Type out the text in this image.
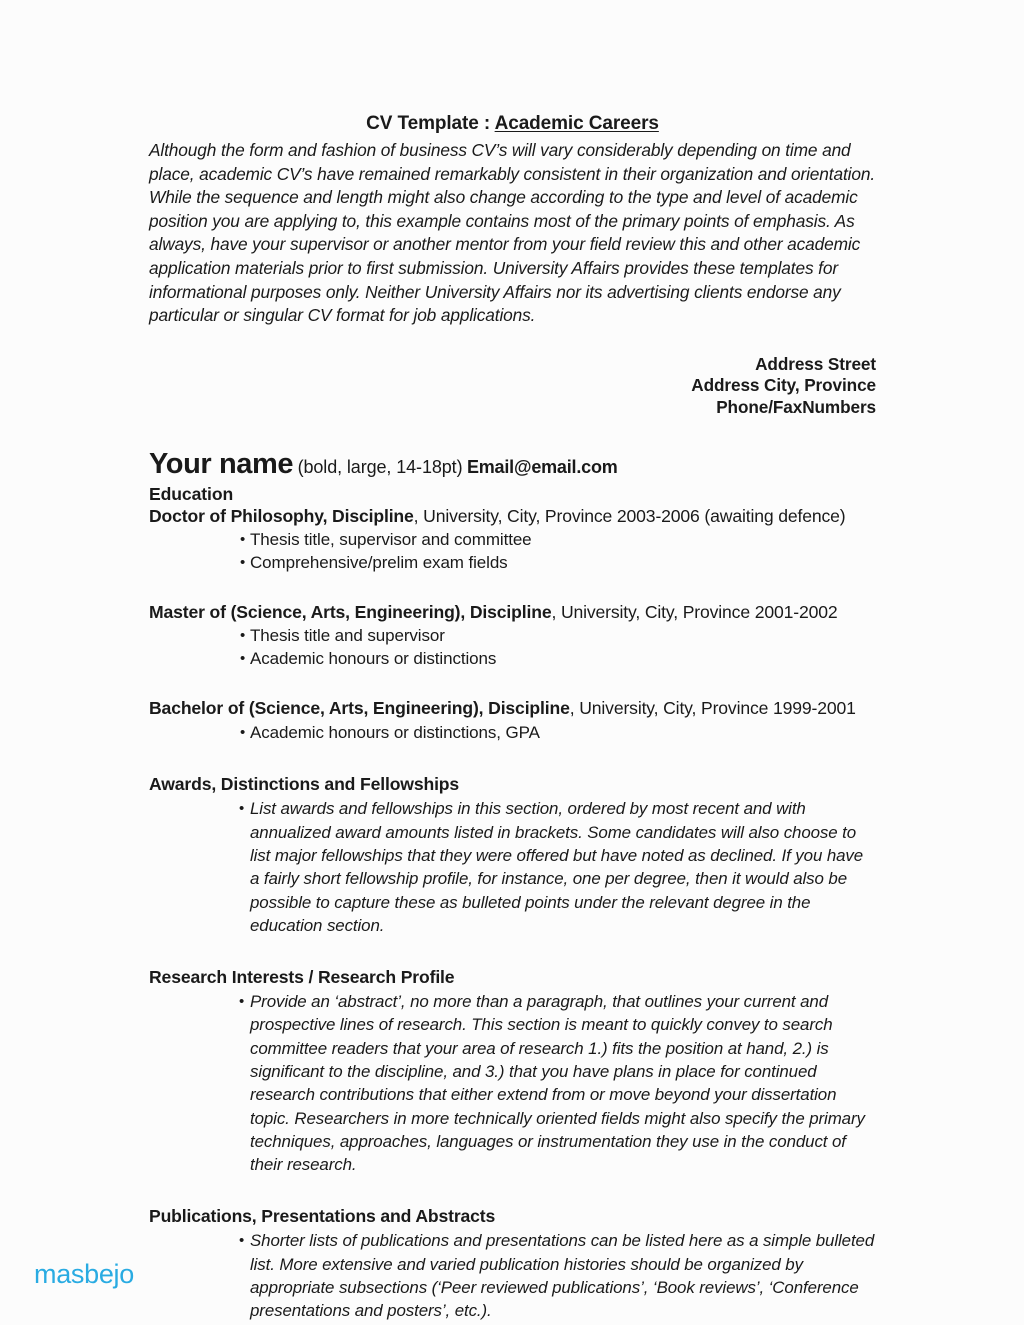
CV Template : Academic Careers

Although the form and fashion of business CV’s will vary considerably depending on time and place, academic CV’s have remained remarkably consistent in their organization and orientation. While the sequence and length might also change according to the type and level of academic position you are applying to, this example contains most of the primary points of emphasis. As always, have your supervisor or another mentor from your field review this and other academic application materials prior to first submission. University Affairs provides these templates for informational purposes only. Neither University Affairs nor its advertising clients endorse any particular or singular CV format for job applications.

Address Street
Address City, Province
Phone/FaxNumbers
Your name (bold, large, 14-18pt) Email@email.com
Education
Doctor of Philosophy, Discipline, University, City, Province 2003-2006 (awaiting defence)
• Thesis title, supervisor and committee
• Comprehensive/prelim exam fields
Master of (Science, Arts, Engineering), Discipline, University, City, Province 2001-2002
• Thesis title and supervisor
• Academic honours or distinctions
Bachelor of (Science, Arts, Engineering), Discipline, University, City, Province 1999-2001
• Academic honours or distinctions, GPA
Awards, Distinctions and Fellowships
• List awards and fellowships in this section, ordered by most recent and with annualized award amounts listed in brackets. Some candidates will also choose to list major fellowships that they were offered but have noted as declined. If you have a fairly short fellowship profile, for instance, one per degree, then it would also be possible to capture these as bulleted points under the relevant degree in the education section.
Research Interests / Research Profile
• Provide an ‘abstract’, no more than a paragraph, that outlines your current and prospective lines of research. This section is meant to quickly convey to search committee readers that your area of research 1.) fits the position at hand, 2.) is significant to the discipline, and 3.) that you have plans in place for continued research contributions that either extend from or move beyond your dissertation topic. Researchers in more technically oriented fields might also specify the primary techniques, approaches, languages or instrumentation they use in the conduct of their research.
Publications, Presentations and Abstracts
• Shorter lists of publications and presentations can be listed here as a simple bulleted list. More extensive and varied publication histories should be organized by appropriate subsections (‘Peer reviewed publications’, ‘Book reviews’, ‘Conference presentations and posters’, etc.).
masbejo
